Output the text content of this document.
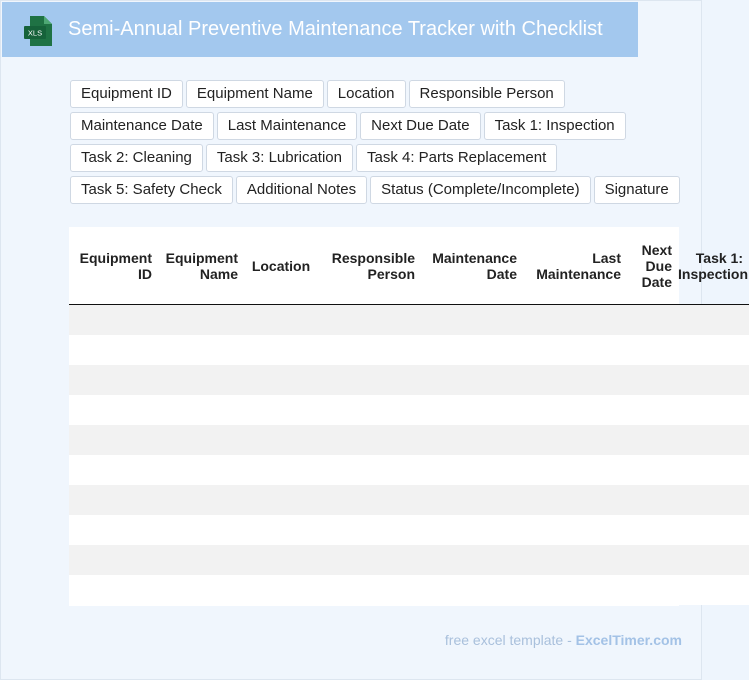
XLS Semi-Annual Preventive Maintenance Tracker with Checklist
Equipment ID	Equipment Name	Location	Responsible Person
Maintenance Date	Last Maintenance	Next Due Date	Task 1: Inspection
Task 2: Cleaning	Task 3: Lubrication	Task 4: Parts Replacement
Task 5: Safety Check	Additional Notes	Status (Complete/Incomplete)	Signature
Equipment ID	Equipment Name	Location	Responsible Person	Maintenance Date	Last Maintenance	Next Due Date	Task 1: Inspection

free excel template - ExcelTimer.com
